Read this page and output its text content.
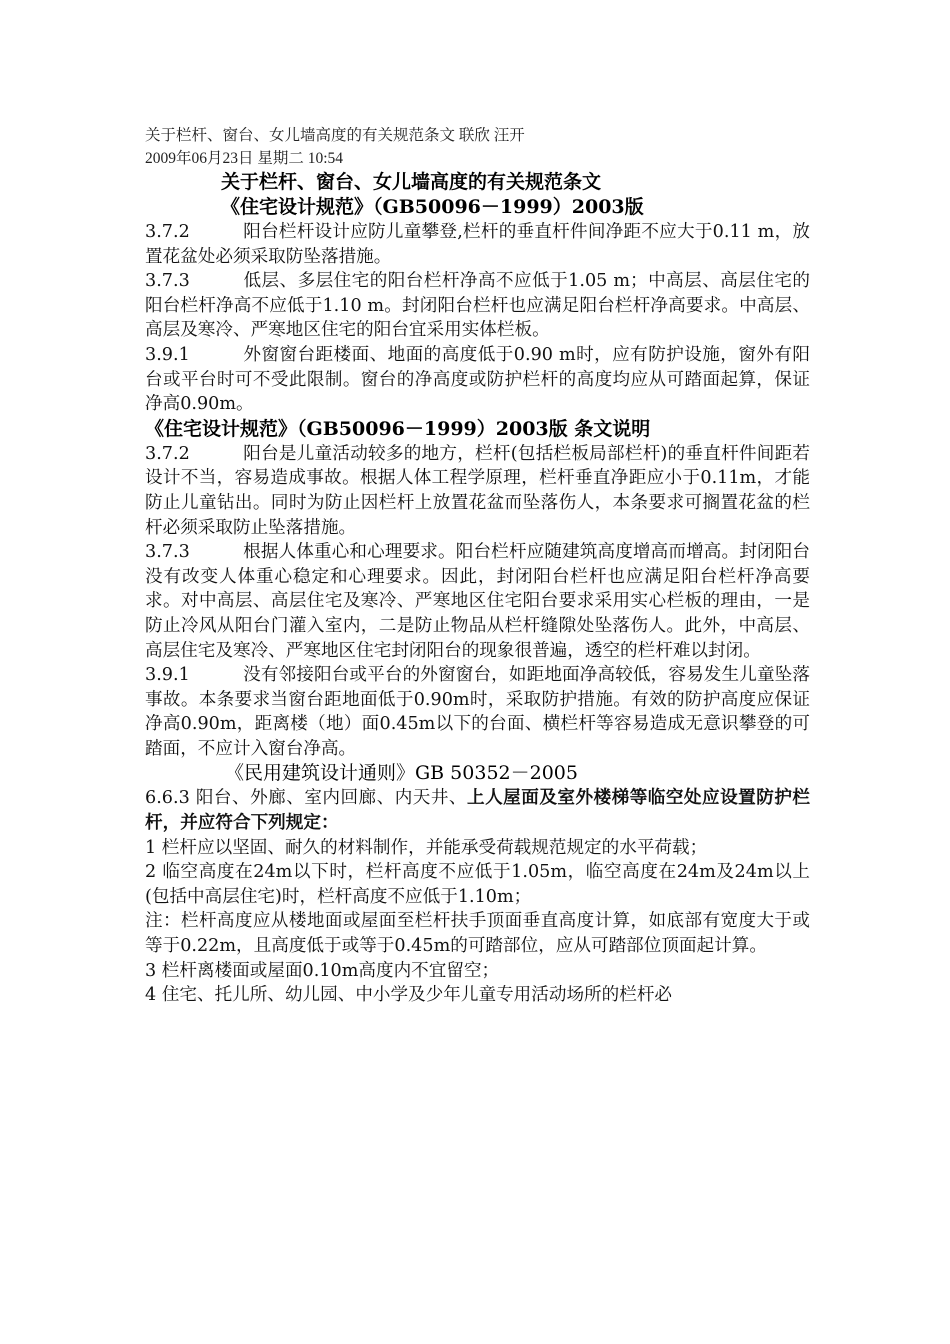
关于栏杆、窗台、女儿墙高度的有关规范条文 联欣 汪开
2009年06月23日 星期二 10:54
关于栏杆、窗台、女儿墙高度的有关规范条文
《住宅设计规范》（GB50096－1999）2003版

3.7.2	阳台栏杆设计应防儿童攀登,栏杆的垂直杆件间净距不应大于0.11 m，放置花盆处必须采取防坠落措施。

3.7.3	低层、多层住宅的阳台栏杆净高不应低于1.05 m；中高层、高层住宅的阳台栏杆净高不应低于1.10 m。封闭阳台栏杆也应满足阳台栏杆净高要求。中高层、高层及寒冷、严寒地区住宅的阳台宜采用实体栏板。

3.9.1	外窗窗台距楼面、地面的高度低于0.90 m时，应有防护设施，窗外有阳台或平台时可不受此限制。窗台的净高度或防护栏杆的高度均应从可踏面起算，保证净高0.90m。

《住宅设计规范》（GB50096－1999）2003版 条文说明

3.7.2	阳台是儿童活动较多的地方，栏杆(包括栏板局部栏杆)的垂直杆件间距若设计不当，容易造成事故。根据人体工程学原理，栏杆垂直净距应小于0.11m，才能防止儿童钻出。同时为防止因栏杆上放置花盆而坠落伤人，本条要求可搁置花盆的栏杆必须采取防止坠落措施。

3.7.3	根据人体重心和心理要求。阳台栏杆应随建筑高度增高而增高。封闭阳台没有改变人体重心稳定和心理要求。因此，封闭阳台栏杆也应满足阳台栏杆净高要求。对中高层、高层住宅及寒冷、严寒地区住宅阳台要求采用实心栏板的理由，一是防止冷风从阳台门灌入室内，二是防止物品从栏杆缝隙处坠落伤人。此外，中高层、高层住宅及寒冷、严寒地区住宅封闭阳台的现象很普遍，透空的栏杆难以封闭。

3.9.1	没有邻接阳台或平台的外窗窗台，如距地面净高较低，容易发生儿童坠落事故。本条要求当窗台距地面低于0.90m时，采取防护措施。有效的防护高度应保证净高0.90m，距离楼（地）面0.45m以下的台面、横栏杆等容易造成无意识攀登的可踏面，不应计入窗台净高。

《民用建筑设计通则》GB 50352－2005

6.6.3 阳台、外廊、室内回廊、内天井、上人屋面及室外楼梯等临空处应设置防护栏杆，并应符合下列规定：

1 栏杆应以坚固、耐久的材料制作，并能承受荷载规范规定的水平荷载；

2 临空高度在24m以下时，栏杆高度不应低于1.05m，临空高度在24m及24m以上(包括中高层住宅)时，栏杆高度不应低于1.10m；

注：栏杆高度应从楼地面或屋面至栏杆扶手顶面垂直高度计算，如底部有宽度大于或等于0.22m，且高度低于或等于0.45m的可踏部位，应从可踏部位顶面起计算。

3 栏杆离楼面或屋面0.10m高度内不宜留空；

4 住宅、托儿所、幼儿园、中小学及少年儿童专用活动场所的栏杆必
